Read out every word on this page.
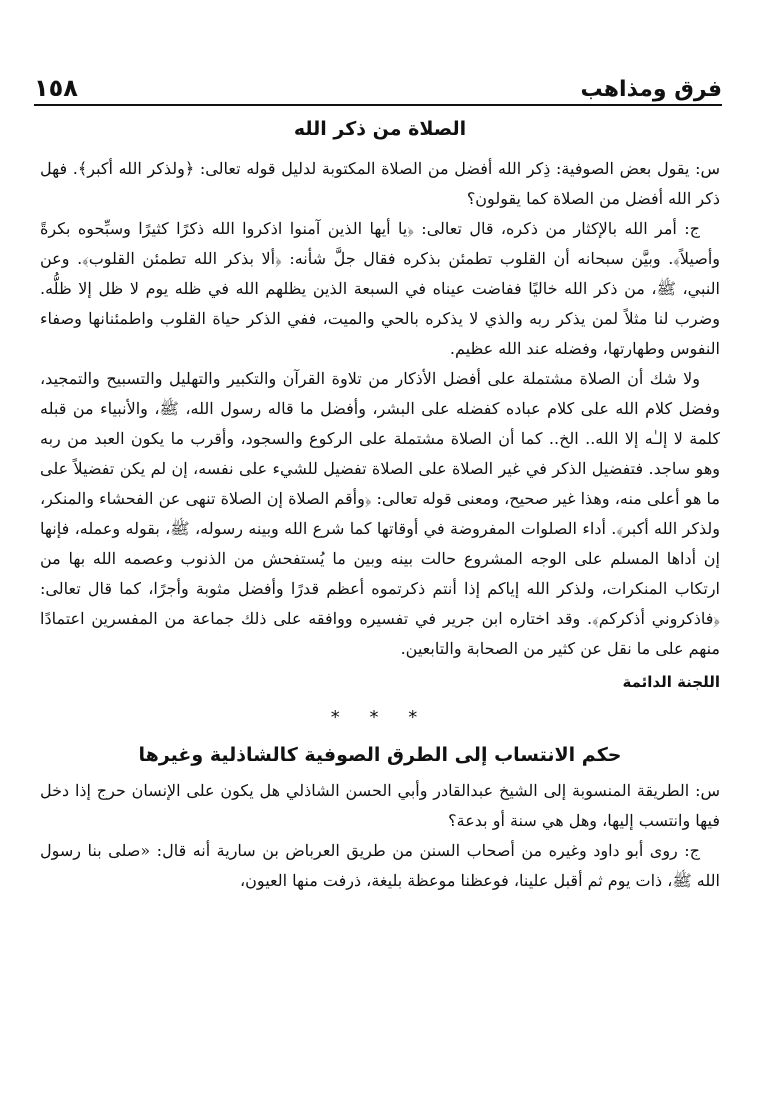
فرق ومذاهب
١٥٨
الصلاة من ذكر الله

س: يقول بعض الصوفية: ذِكر الله أفضل من الصلاة المكتوبة لدليل قوله تعالى: ﴿ولذكر الله أكبر﴾. فهل ذكر الله أفضل من الصلاة كما يقولون؟

ج: أمر الله بالإكثار من ذكره، قال تعالى: ﴿يا أيها الذين آمنوا اذكروا الله ذكرًا كثيرًا وسبِّحوه بكرةً وأصيلاً﴾. وبيَّن سبحانه أن القلوب تطمئن بذكره فقال جلَّ شأنه: ﴿ألا بذكر الله تطمئن القلوب﴾. وعن النبي، ﷺ، من ذكر الله خاليًا ففاضت عيناه في السبعة الذين يظلهم الله في ظله يوم لا ظل إلا ظلُّه. وضرب لنا مثلاً لمن يذكر ربه والذي لا يذكره بالحي والميت، ففي الذكر حياة القلوب واطمئنانها وصفاء النفوس وطهارتها، وفضله عند الله عظيم.

ولا شك أن الصلاة مشتملة على أفضل الأذكار من تلاوة القرآن والتكبير والتهليل والتسبيح والتمجيد، وفضل كلام الله على كلام عباده كفضله على البشر، وأفضل ما قاله رسول الله، ﷺ، والأنبياء من قبله كلمة لا إلـٰه إلا الله.. الخ.. كما أن الصلاة مشتملة على الركوع والسجود، وأقرب ما يكون العبد من ربه وهو ساجد. فتفضيل الذكر في غير الصلاة على الصلاة تفضيل للشيء على نفسه، إن لم يكن تفضيلاً على ما هو أعلى منه، وهذا غير صحيح، ومعنى قوله تعالى: ﴿وأقم الصلاة إن الصلاة تنهى عن الفحشاء والمنكر، ولذكر الله أكبر﴾. أداء الصلوات المفروضة في أوقاتها كما شرع الله وبينه رسوله، ﷺ، بقوله وعمله، فإنها إن أداها المسلم على الوجه المشروع حالت بينه وبين ما يُستفحش من الذنوب وعصمه الله بها من ارتكاب المنكرات، ولذكر الله إياكم إذا أنتم ذكرتموه أعظم قدرًا وأفضل مثوبة وأجرًا، كما قال تعالى: ﴿فاذكروني أذكركم﴾. وقد اختاره ابن جرير في تفسيره ووافقه على ذلك جماعة من المفسرين اعتمادًا منهم على ما نقل عن كثير من الصحابة والتابعين.

اللجنة الدائمة
* * *
حكم الانتساب إلى الطرق الصوفية كالشاذلية وغيرها

س: الطريقة المنسوبة إلى الشيخ عبدالقادر وأبي الحسن الشاذلي هل يكون على الإنسان حرج إذا دخل فيها وانتسب إليها، وهل هي سنة أو بدعة؟

ج: روى أبو داود وغيره من أصحاب السنن من طريق العرباض بن سارية أنه قال: «صلى بنا رسول الله ﷺ، ذات يوم ثم أقبل علينا، فوعظنا موعظة بليغة، ذرفت منها العيون،
